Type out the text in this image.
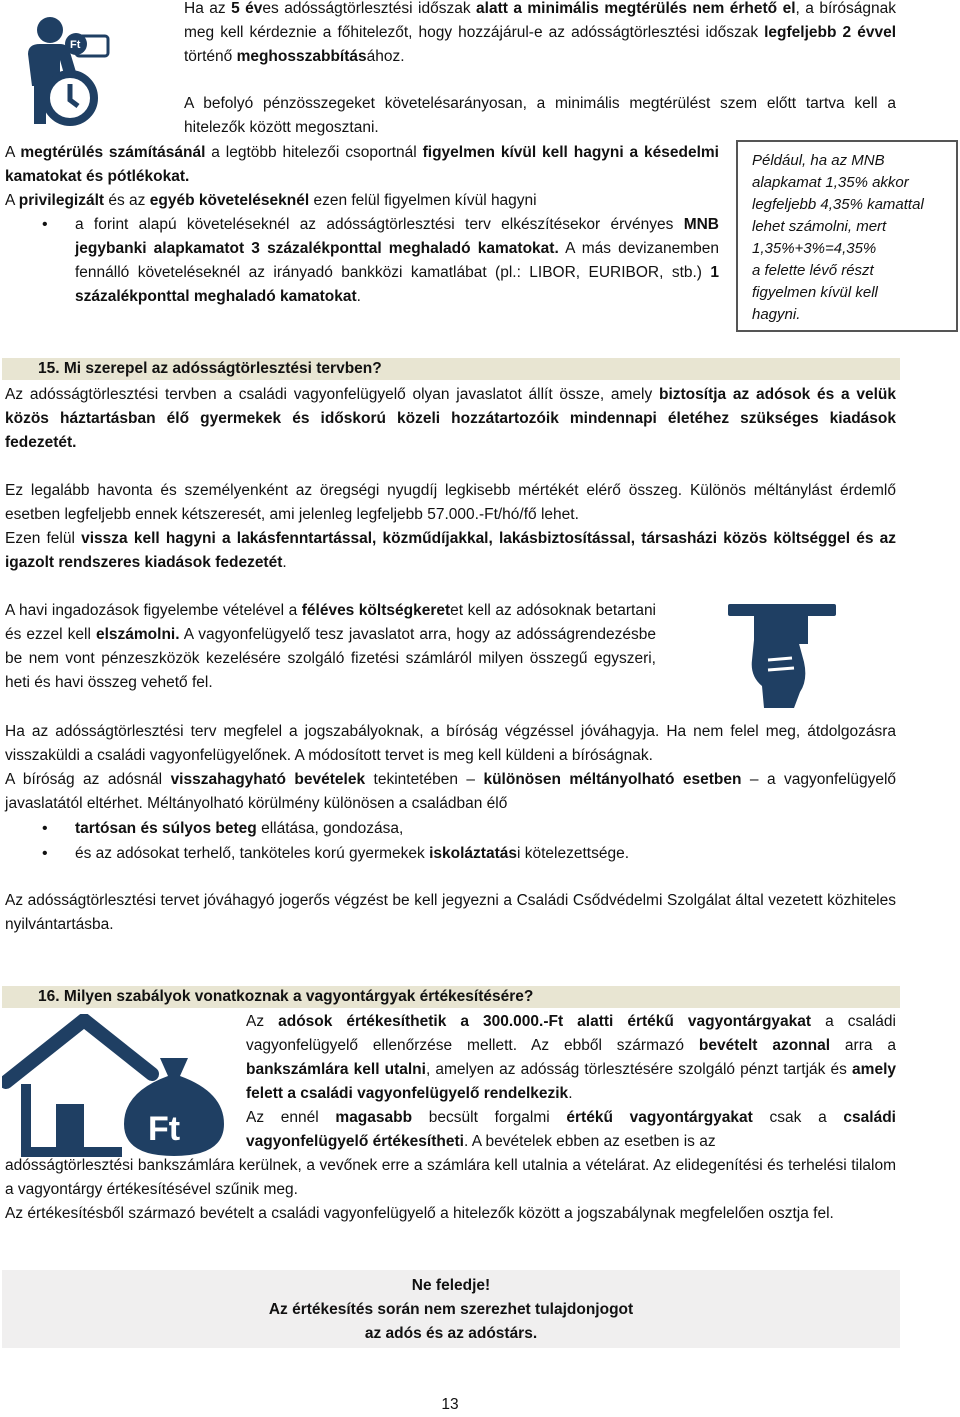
Ft
Ha az 5 éves adósságtörlesztési időszak alatt a minimális megtérülés nem érhető el, a bíróságnak meg kell kérdeznie a főhitelezőt, hogy hozzájárul-e az adósságtörlesztési időszak legfeljebb 2 évvel történő meghosszabbításához.
A befolyó pénzösszegeket követelésarányosan, a minimális megtérülést szem előtt tartva kell a hitelezők között megosztani.
A megtérülés számításánál a legtöbb hitelezői csoportnál figyelmen kívül kell hagyni a késedelmi kamatokat és pótlékokat.
A privilegizált és az egyéb követeléseknél ezen felül figyelmen kívül hagyni
• a forint alapú követeléseknél az adósságtörlesztési terv elkészítésekor érvényes MNB jegybanki alapkamatot 3 százalékponttal meghaladó kamatokat. A más devizanemben fennálló követeléseknél az irányadó bankközi kamatlábat (pl.: LIBOR, EURIBOR, stb.) 1 százalékponttal meghaladó kamatokat.
Például, ha az MNB
alapkamat 1,35% akkor
legfeljebb 4,35% kamattal
lehet számolni, mert
1,35%+3%=4,35%
a felette lévő részt
figyelmen kívül kell
hagyni.
15. Mi szerepel az adósságtörlesztési tervben?
Az adósságtörlesztési tervben a családi vagyonfelügyelő olyan javaslatot állít össze, amely biztosítja az adósok és a velük közös háztartásban élő gyermekek és időskorú közeli hozzátartozóik mindennapi életéhez szükséges kiadások fedezetét.
Ez legalább havonta és személyenként az öregségi nyugdíj legkisebb mértékét elérő összeg. Különös méltánylást érdemlő esetben legfeljebb ennek kétszeresét, ami jelenleg legfeljebb 57.000.-Ft/hó/fő lehet.
Ezen felül vissza kell hagyni a lakásfenntartással, közműdíjakkal, lakásbiztosítással, társasházi közös költséggel és az igazolt rendszeres kiadások fedezetét.
A havi ingadozások figyelembe vételével a féléves költségkeretet kell az adósoknak betartani és ezzel kell elszámolni. A vagyonfelügyelő tesz javaslatot arra, hogy az adósságrendezésbe be nem vont pénzeszközök kezelésére szolgáló fizetési számláról milyen összegű egyszeri, heti és havi összeg vehető fel.
Ha az adósságtörlesztési terv megfelel a jogszabályoknak, a bíróság végzéssel jóváhagyja. Ha nem felel meg, átdolgozásra visszaküldi a családi vagyonfelügyelőnek. A módosított tervet is meg kell küldeni a bíróságnak.
A bíróság az adósnál visszahagyható bevételek tekintetében – különösen méltányolható esetben – a vagyonfelügyelő javaslatától eltérhet. Méltányolható körülmény különösen a családban élő
• tartósan és súlyos beteg ellátása, gondozása,
• és az adósokat terhelő, tanköteles korú gyermekek iskoláztatási kötelezettsége.
Az adósságtörlesztési tervet jóváhagyó jogerős végzést be kell jegyezni a Családi Csődvédelmi Szolgálat által vezetett közhiteles nyilvántartásba.
16. Milyen szabályok vonatkoznak a vagyontárgyak értékesítésére?
Ft
Az adósok értékesíthetik a 300.000.-Ft alatti értékű vagyontárgyakat a családi vagyonfelügyelő ellenőrzése mellett. Az ebből származó bevételt azonnal arra a bankszámlára kell utalni, amelyen az adósság törlesztésére szolgáló pénzt tartják és amely felett a családi vagyonfelügyelő rendelkezik.
Az ennél magasabb becsült forgalmi értékű vagyontárgyakat csak a családi vagyonfelügyelő értékesítheti. A bevételek ebben az esetben is az
adósságtörlesztési bankszámlára kerülnek, a vevőnek erre a számlára kell utalnia a vételárat. Az elidegenítési és terhelési tilalom a vagyontárgy értékesítésével szűnik meg.
Az értékesítésből származó bevételt a családi vagyonfelügyelő a hitelezők között a jogszabálynak megfelelően osztja fel.
Ne feledje!
Az értékesítés során nem szerezhet tulajdonjogot
az adós és az adóstárs.
13
